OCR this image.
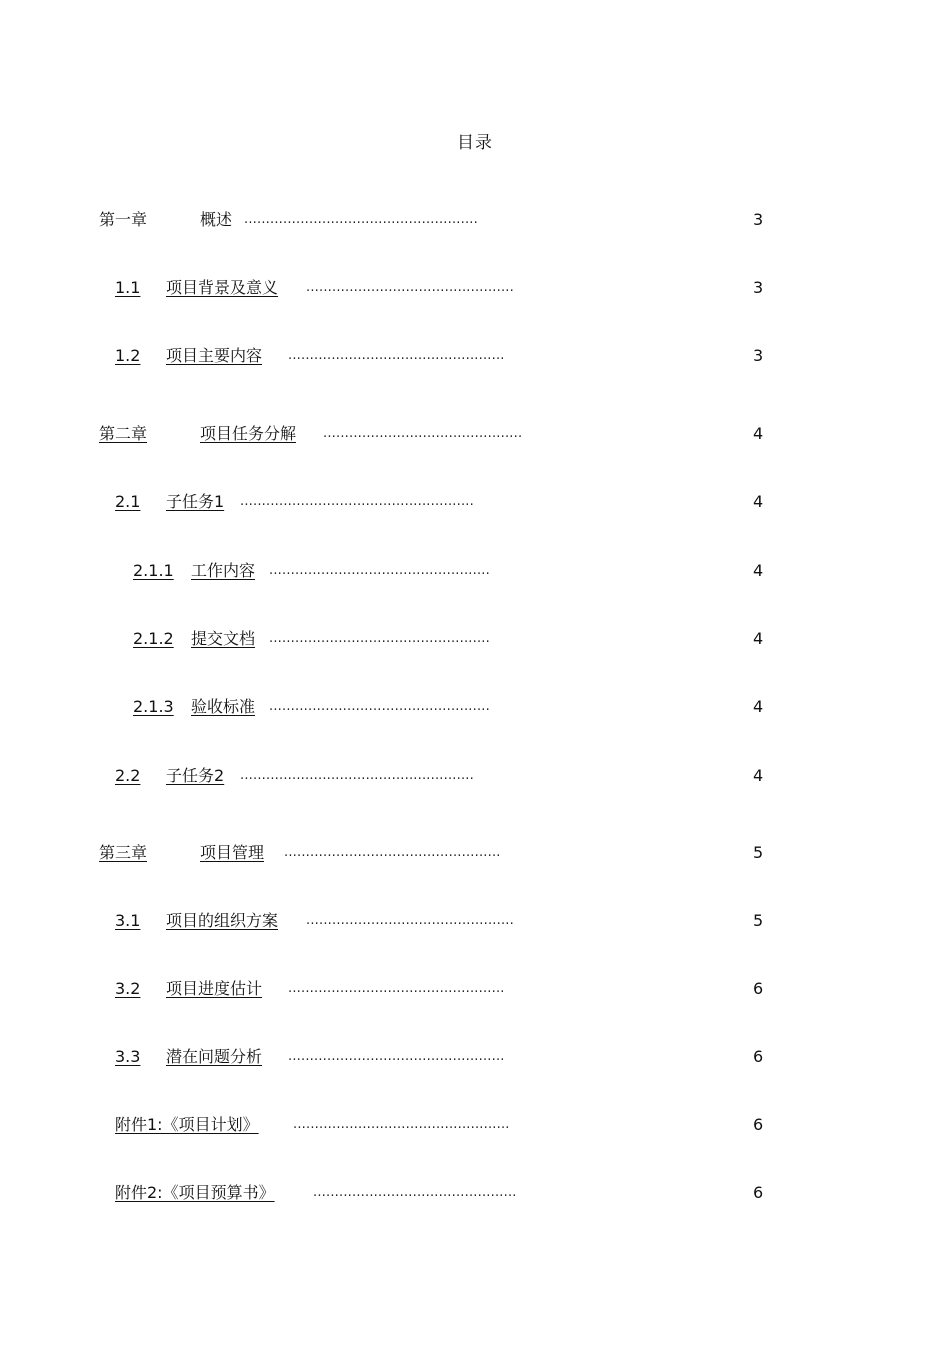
目录
第一章	概述 ......................................................	3
1.1 项目背景及意义 ................................................	3
1.2 项目主要内容 ..................................................	3
第二章	项目任务分解 ..............................................	4
2.1 子任务1 ......................................................	4
2.1.1 工作内容 ...................................................	4
2.1.2 提交文档 ...................................................	4
2.1.3 验收标准 ...................................................	4
2.2 子任务2 ......................................................	4
第三章	项目管理 ..................................................	5
3.1 项目的组织方案 ................................................	5
3.2 项目进度估计 ..................................................	6
3.3 潜在问题分析 ..................................................	6
附件1:《项目计划》	..................................................	6
附件2:《项目预算书》	...............................................	6
